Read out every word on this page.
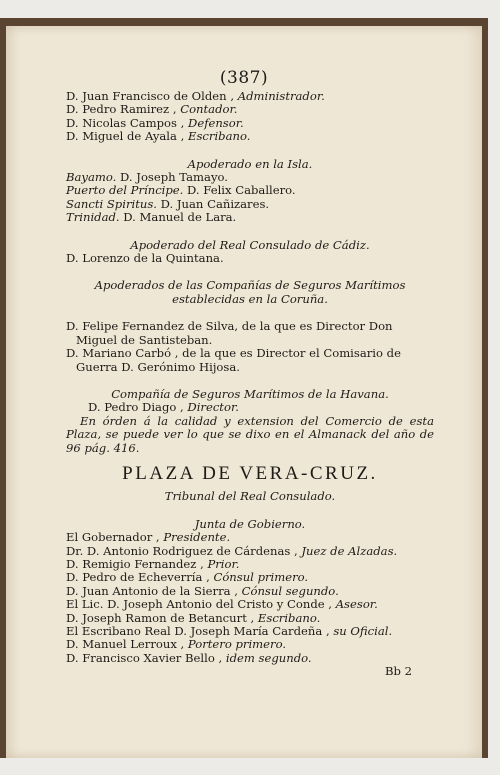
(387)
D. Juan Francisco de Olden , Administrador.
D. Pedro Ramirez , Contador.
D. Nicolas Campos , Defensor.
D. Miguel de Ayala , Escribano.
Apoderado en la Isla.
Bayamo. D. Joseph Tamayo.
Puerto del Príncipe. D. Felix Caballero.
Sancti Spiritus. D. Juan Cañizares.
Trinidad. D. Manuel de Lara.
Apoderado del Real Consulado de Cádiz.
D. Lorenzo de la Quintana.
Apoderados de las Compañías de Seguros Marítimos establecidas en la Coruña.
D. Felipe Fernandez de Silva, de la que es Director Don Miguel de Santisteban.
D. Mariano Carbó , de la que es Director el Comisario de Guerra D. Gerónimo Hijosa.
Compañía de Seguros Marítimos de la Havana.
D. Pedro Diago , Director.
En órden á la calidad y extension del Comercio de esta Plaza, se puede ver lo que se dixo en el Almanack del año de 96 pág. 416.
PLAZA DE VERA-CRUZ.
Tribunal del Real Consulado.
Junta de Gobierno.
El Gobernador , Presidente.
Dr. D. Antonio Rodriguez de Cárdenas , Juez de Alzadas.
D. Remigio Fernandez , Prior.
D. Pedro de Echeverría , Cónsul primero.
D. Juan Antonio de la Sierra , Cónsul segundo.
El Lic. D. Joseph Antonio del Cristo y Conde , Asesor.
D. Joseph Ramon de Betancurt , Escribano.
El Escribano Real D. Joseph María Cardeña , su Oficial.
D. Manuel Lerroux , Portero primero.
D. Francisco Xavier Bello , idem segundo.
Bb 2
